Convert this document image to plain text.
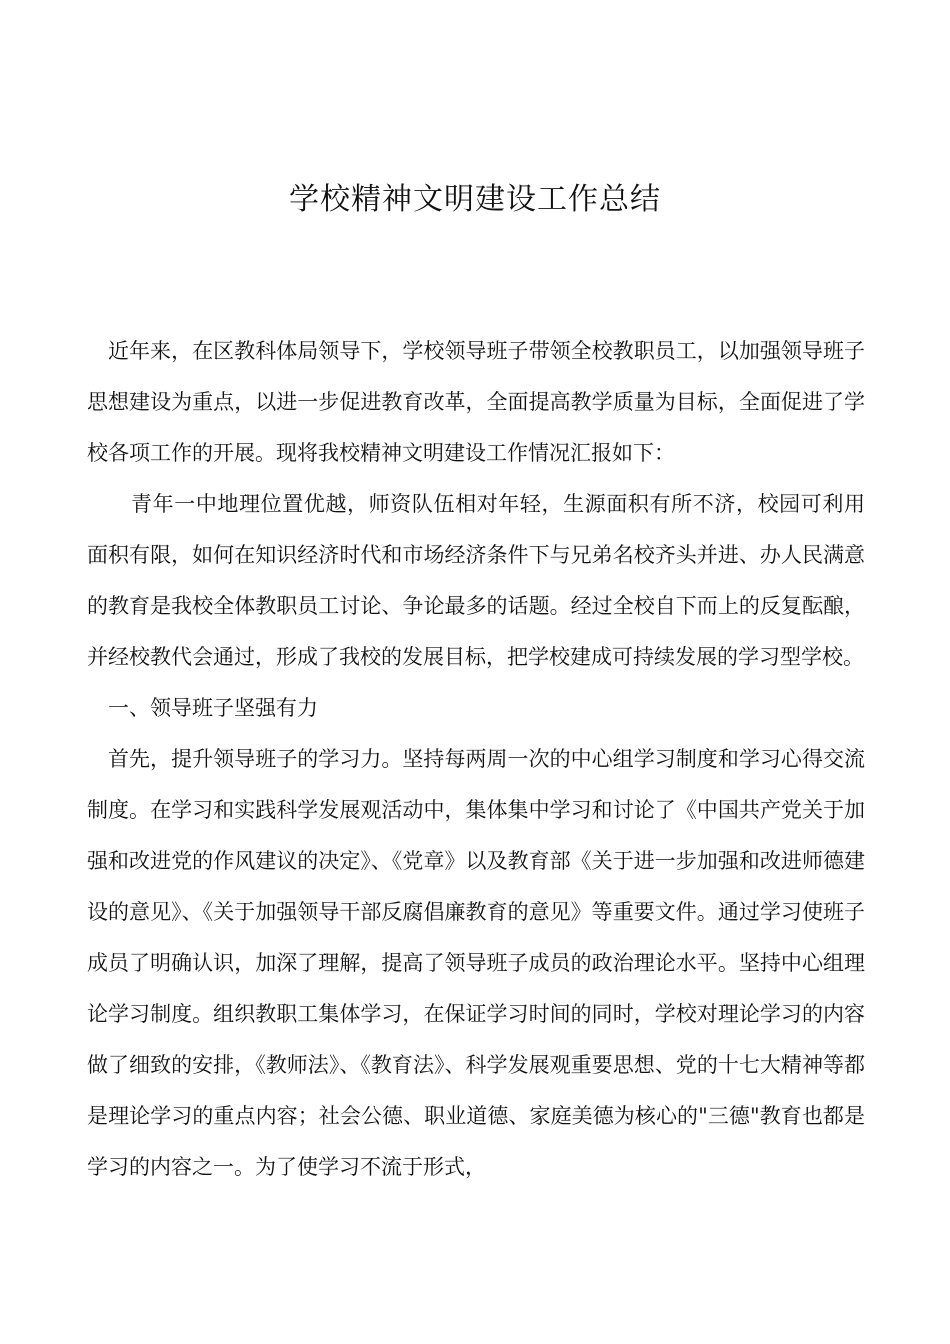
学校精神文明建设工作总结

近年来，在区教科体局领导下，学校领导班子带领全校教职员工，以加强领导班子思想建设为重点，以进一步促进教育改革，全面提高教学质量为目标，全面促进了学校各项工作的开展。现将我校精神文明建设工作情况汇报如下：

青年一中地理位置优越，师资队伍相对年轻，生源面积有所不济，校园可利用面积有限，如何在知识经济时代和市场经济条件下与兄弟名校齐头并进、办人民满意的教育是我校全体教职员工讨论、争论最多的话题。经过全校自下而上的反复酝酿，并经校教代会通过，形成了我校的发展目标，把学校建成可持续发展的学习型学校。

一、领导班子坚强有力

首先，提升领导班子的学习力。坚持每两周一次的中心组学习制度和学习心得交流制度。在学习和实践科学发展观活动中，集体集中学习和讨论了《中国共产党关于加强和改进党的作风建议的决定》、《党章》以及教育部《关于进一步加强和改进师德建设的意见》、《关于加强领导干部反腐倡廉教育的意见》等重要文件。通过学习使班子成员了明确认识，加深了理解，提高了领导班子成员的政治理论水平。坚持中心组理论学习制度。组织教职工集体学习，在保证学习时间的同时，学校对理论学习的内容做了细致的安排，《教师法》、《教育法》、科学发展观重要思想、党的十七大精神等都是理论学习的重点内容；社会公德、职业道德、家庭美德为核心的"三德"教育也都是学习的内容之一。为了使学习不流于形式，
